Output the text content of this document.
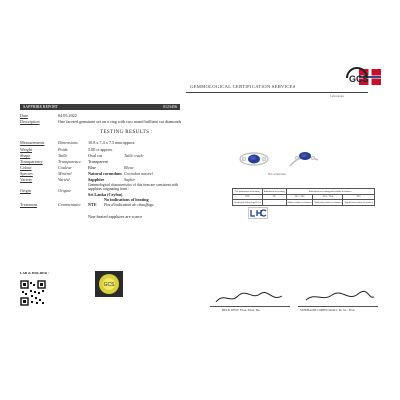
GEMMOLOGICAL CERTIFICATION SERVICES
Laboratoire
GCS
SAPPHIRE REPORT	0123456
Date	04.05.2022
Description	One faceted gemstone set on a ring with two round brilliant cut diamonds
TESTING RESULTS :
Measurements	Dimensions	10.8 x 7.4 x 7.5 mm approx.
Weight	Poids	5.00 ct approx.
Shape	Taille	Oval cut	Taille ovale
Transparency	Transparence	Transparent
Colour	Couleur	Blue	Bleue
Species	Minéral	Natural corundum Corindon naturel
Variety	Variété	Sapphire	Saphir
Origin	Origine
Gemmological characteristics of this item are consistent with sapphires originating from :
Sri Lanka (Ceylon)
Treatment	Commentaire	NTE
No indications of heating
Pas d'indication de chauffage
Non-heated sapphires are scarce
Not actual size
No indications of heating	Indications of heating	Indications of heating and residue in fissures		
NTE	TE	TE1 / TE2	TE3 / TE4	TE5
Heating & filling legal Fees		Minor residue in fissures	Moderate residue in fissures	Significant residue in fissures
LAB & HOLDER :
GCS
BECK WEST, FGA, DGA, BA	STEPHANIE COHEN-SKALI, M. SC., FGA
